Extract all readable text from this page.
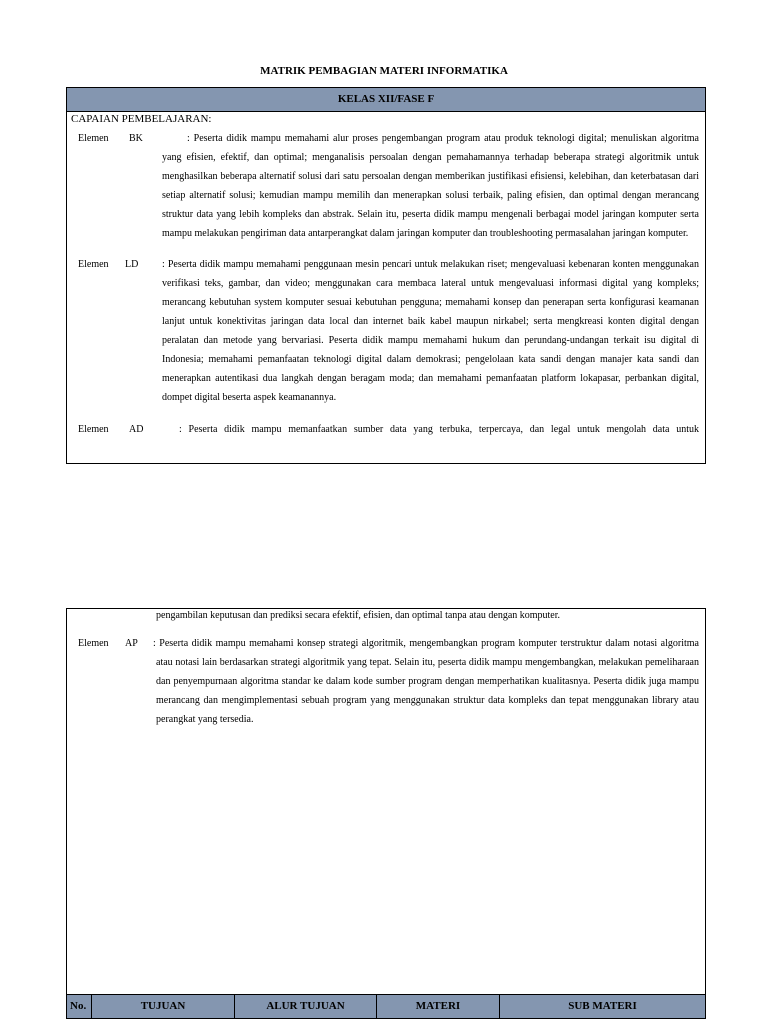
MATRIK PEMBAGIAN MATERI INFORMATIKA
KELAS XII/FASE F
CAPAIAN PEMBELAJARAN:
Elemen BK	: Peserta didik mampu memahami alur proses pengembangan program atau produk teknologi digital; menuliskan algoritma yang efisien, efektif, dan optimal; menganalisis persoalan dengan pemahamannya terhadap beberapa strategi algoritmik untuk menghasilkan beberapa alternatif solusi dari satu persoalan dengan memberikan justifikasi efisiensi, kelebihan, dan keterbatasan dari setiap alternatif solusi; kemudian mampu memilih dan menerapkan solusi terbaik, paling efisien, dan optimal dengan merancang struktur data yang lebih kompleks dan abstrak. Selain itu, peserta didik mampu mengenali berbagai model jaringan komputer serta mampu melakukan pengiriman data antarperangkat dalam jaringan komputer dan troubleshooting permasalahan jaringan komputer.
Elemen LD : Peserta didik mampu memahami penggunaan mesin pencari untuk melakukan riset; mengevaluasi kebenaran konten menggunakan verifikasi teks, gambar, dan video; menggunakan cara membaca lateral untuk mengevaluasi informasi digital yang kompleks; merancang kebutuhan system komputer sesuai kebutuhan pengguna; memahami konsep dan penerapan serta konfigurasi keamanan lanjut untuk konektivitas jaringan data local dan internet baik kabel maupun nirkabel; serta mengkreasi konten digital dengan peralatan dan metode yang bervariasi. Peserta didik mampu memahami hukum dan perundang-undangan terkait isu digital di Indonesia; memahami pemanfaatan teknologi digital dalam demokrasi; pengelolaan kata sandi dengan manajer kata sandi dan menerapkan autentikasi dua langkah dengan beragam moda; dan memahami pemanfaatan platform lokapasar, perbankan digital, dompet digital beserta aspek keamanannya.
Elemen AD	: Peserta didik mampu memanfaatkan sumber data yang terbuka, terpercaya, dan legal untuk mengolah data untuk
pengambilan keputusan dan prediksi secara efektif, efisien, dan optimal tanpa atau dengan komputer.
Elemen AP : Peserta didik mampu memahami konsep strategi algoritmik, mengembangkan program komputer terstruktur dalam notasi algoritma atau notasi lain berdasarkan strategi algoritmik yang tepat. Selain itu, peserta didik mampu mengembangkan, melakukan pemeliharaan dan penyempurnaan algoritma standar ke dalam kode sumber program dengan memperhatikan kualitasnya. Peserta didik juga mampu merancang dan mengimplementasi sebuah program yang menggunakan struktur data kompleks dan tepat menggunakan library atau perangkat yang tersedia.
No.	TUJUAN	ALUR TUJUAN	MATERI	SUB MATERI
